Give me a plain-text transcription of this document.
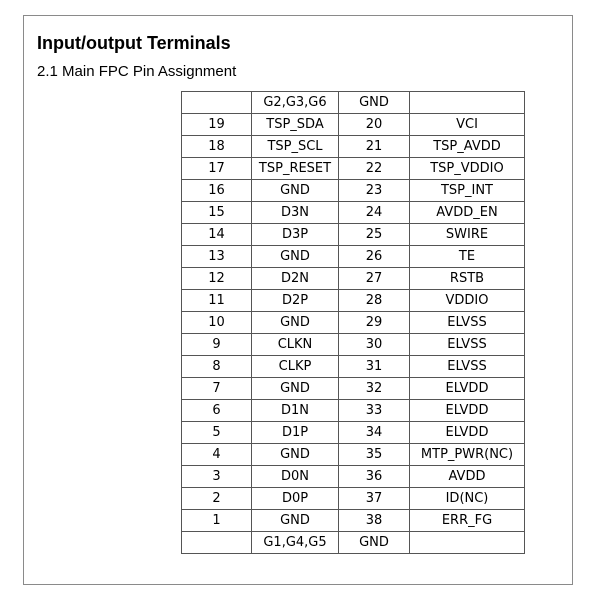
Input/output Terminals

2.1 Main FPC Pin Assignment

	G2,G3,G6	GND	
19	TSP_SDA	20	VCI
18	TSP_SCL	21	TSP_AVDD
17	TSP_RESET	22	TSP_VDDIO
16	GND	23	TSP_INT
15	D3N	24	AVDD_EN
14	D3P	25	SWIRE
13	GND	26	TE
12	D2N	27	RSTB
11	D2P	28	VDDIO
10	GND	29	ELVSS
9	CLKN	30	ELVSS
8	CLKP	31	ELVSS
7	GND	32	ELVDD
6	D1N	33	ELVDD
5	D1P	34	ELVDD
4	GND	35	MTP_PWR(NC)
3	D0N	36	AVDD
2	D0P	37	ID(NC)
1	GND	38	ERR_FG
	G1,G4,G5	GND	
